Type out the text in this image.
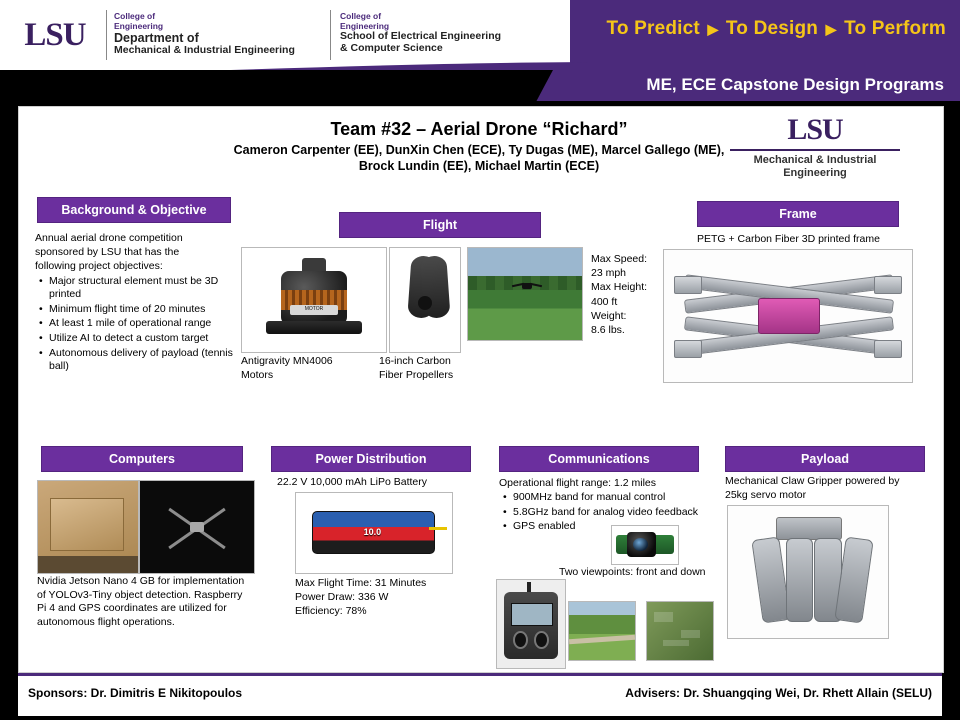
To Predict ▶ To Design ▶ To Perform
LSU
College of
Engineering
Department of
Mechanical & Industrial Engineering
College of
Engineering
School of Electrical Engineering
& Computer Science
ME, ECE Capstone Design Programs
Team #32 – Aerial Drone “Richard”
Cameron Carpenter (EE), DunXin Chen (ECE), Ty Dugas (ME), Marcel Gallego (ME),
Brock Lundin (EE), Michael Martin (ECE)
LSU
Mechanical & Industrial
Engineering
Background & Objective
Annual aerial drone competition
sponsored by LSU that has the
following project objectives:
• Major structural element must be 3D printed
• Minimum flight time of 20 minutes
• At least 1 mile of operational range
• Utilize AI to detect a custom target
• Autonomous delivery of payload (tennis ball)
Flight
MOTOR
Antigravity MN4006
Motors
16-inch Carbon
Fiber Propellers
Max Speed:
23 mph
Max Height:
400 ft
Weight:
8.6 lbs.
Frame
PETG + Carbon Fiber 3D printed frame
Computers
Nvidia Jetson Nano 4 GB for implementation
of YOLOv3-Tiny object detection. Raspberry
Pi 4 and GPS coordinates are utilized for
autonomous flight operations.
Power Distribution
22.2 V 10,000 mAh LiPo Battery
10.0
Max Flight Time: 31 Minutes
Power Draw: 336 W
Efficiency: 78%
Communications
Operational flight range: 1.2 miles
• 900MHz band for manual control
• 5.8GHz band for analog video feedback
• GPS enabled
Two viewpoints: front and down
Payload
Mechanical Claw Gripper powered by
25kg servo motor
Sponsors: Dr. Dimitris E Nikitopoulos	Advisers: Dr. Shuangqing Wei, Dr. Rhett Allain (SELU)
